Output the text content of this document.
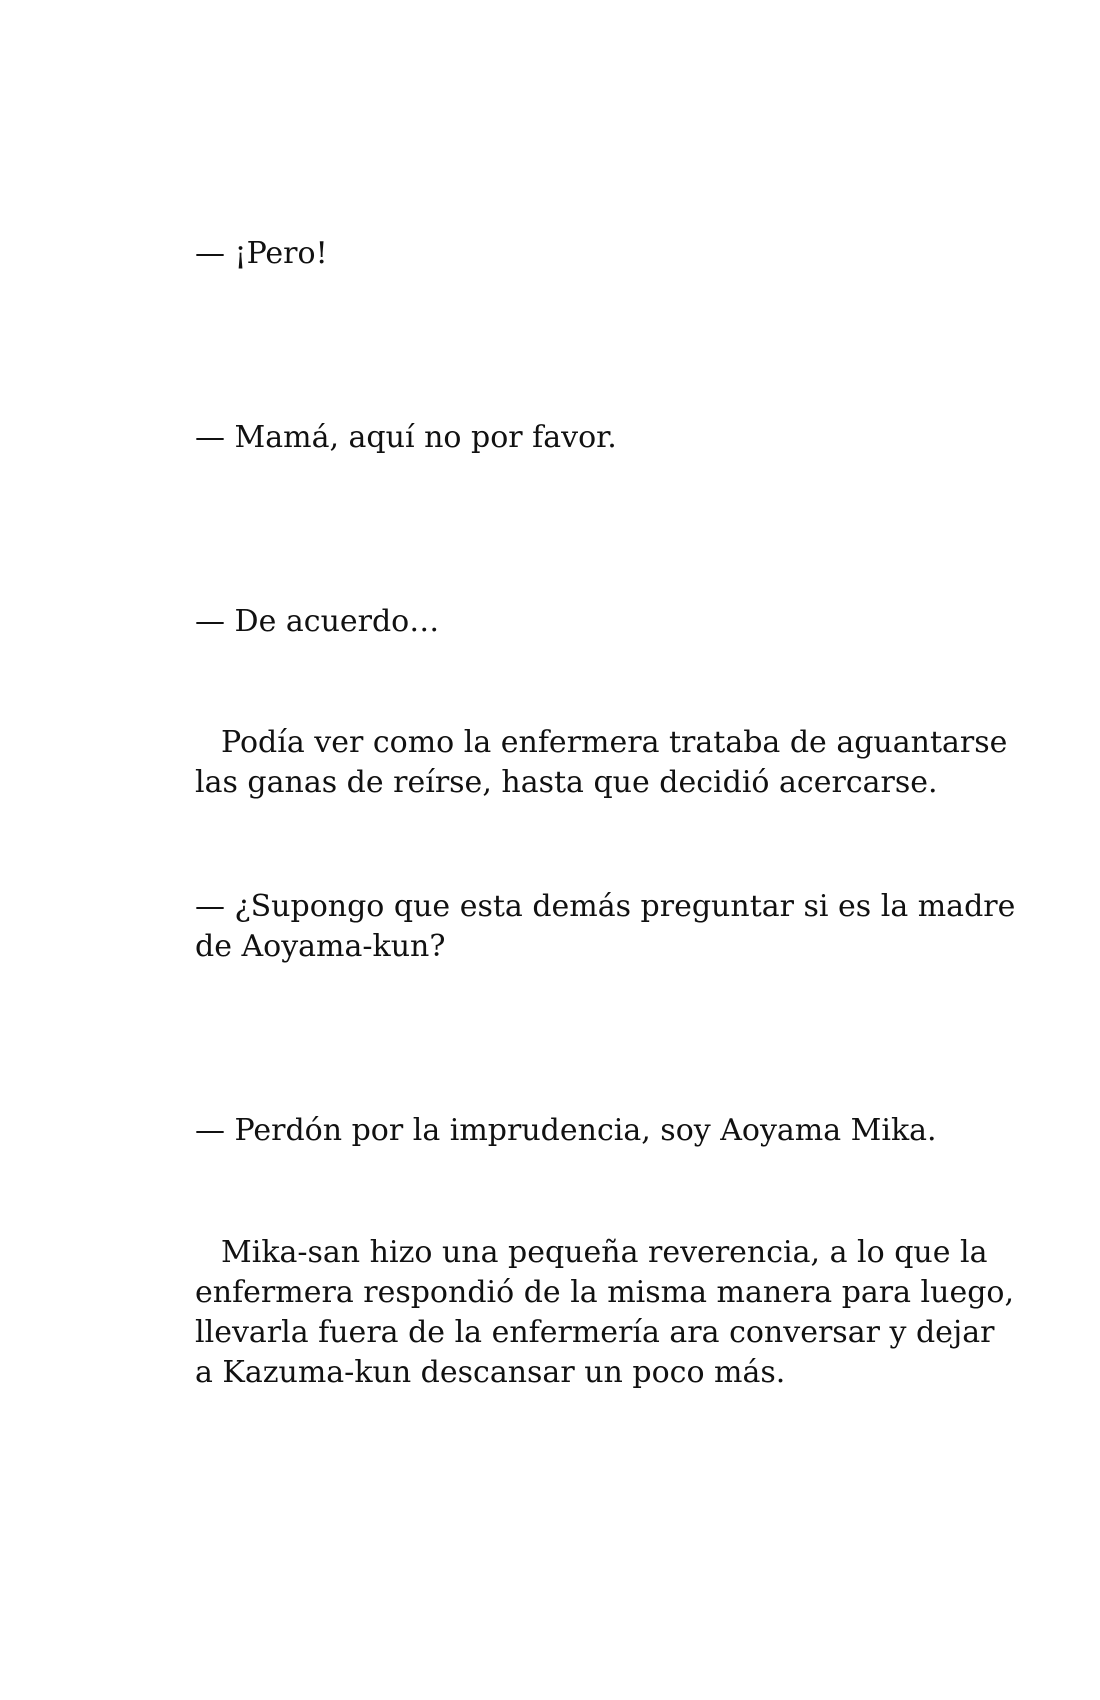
— ¡Pero!

— Mamá, aquí no por favor.

— De acuerdo…

Podía ver como la enfermera trataba de aguantarse

las ganas de reírse, hasta que decidió acercarse.

— ¿Supongo que esta demás preguntar si es la madre

de Aoyama-kun?

— Perdón por la imprudencia, soy Aoyama Mika.

Mika-san hizo una pequeña reverencia, a lo que la

enfermera respondió de la misma manera para luego,

llevarla fuera de la enfermería ara conversar y dejar

a Kazuma-kun descansar un poco más.
